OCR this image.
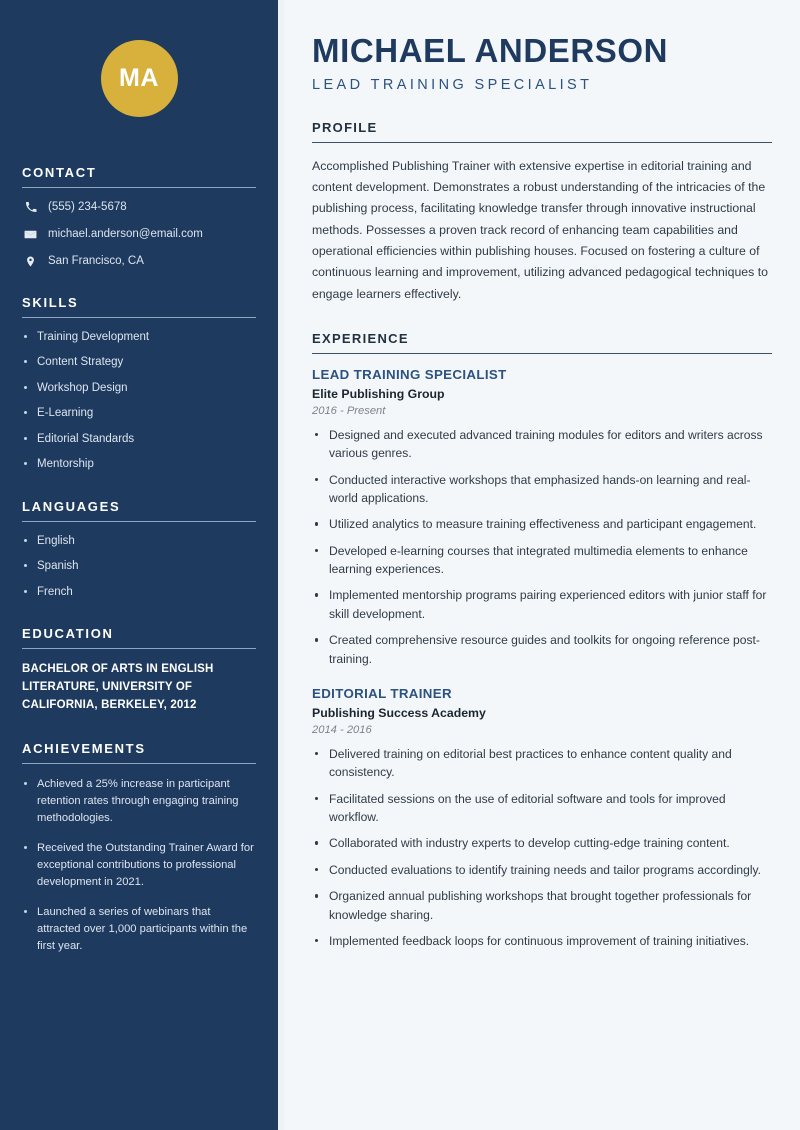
MA
CONTACT
(555) 234-5678
michael.anderson@email.com
San Francisco, CA
SKILLS
Training Development
Content Strategy
Workshop Design
E-Learning
Editorial Standards
Mentorship
LANGUAGES
English
Spanish
French
EDUCATION
BACHELOR OF ARTS IN ENGLISH LITERATURE, UNIVERSITY OF CALIFORNIA, BERKELEY, 2012
ACHIEVEMENTS
Achieved a 25% increase in participant retention rates through engaging training methodologies.
Received the Outstanding Trainer Award for exceptional contributions to professional development in 2021.
Launched a series of webinars that attracted over 1,000 participants within the first year.
MICHAEL ANDERSON
LEAD TRAINING SPECIALIST
PROFILE

Accomplished Publishing Trainer with extensive expertise in editorial training and content development. Demonstrates a robust understanding of the intricacies of the publishing process, facilitating knowledge transfer through innovative instructional methods. Possesses a proven track record of enhancing team capabilities and operational efficiencies within publishing houses. Focused on fostering a culture of continuous learning and improvement, utilizing advanced pedagogical techniques to engage learners effectively.

EXPERIENCE
LEAD TRAINING SPECIALIST
Elite Publishing Group
2016 - Present
Designed and executed advanced training modules for editors and writers across various genres.
Conducted interactive workshops that emphasized hands-on learning and real-world applications.
Utilized analytics to measure training effectiveness and participant engagement.
Developed e-learning courses that integrated multimedia elements to enhance learning experiences.
Implemented mentorship programs pairing experienced editors with junior staff for skill development.
Created comprehensive resource guides and toolkits for ongoing reference post-training.
EDITORIAL TRAINER
Publishing Success Academy
2014 - 2016
Delivered training on editorial best practices to enhance content quality and consistency.
Facilitated sessions on the use of editorial software and tools for improved workflow.
Collaborated with industry experts to develop cutting-edge training content.
Conducted evaluations to identify training needs and tailor programs accordingly.
Organized annual publishing workshops that brought together professionals for knowledge sharing.
Implemented feedback loops for continuous improvement of training initiatives.
